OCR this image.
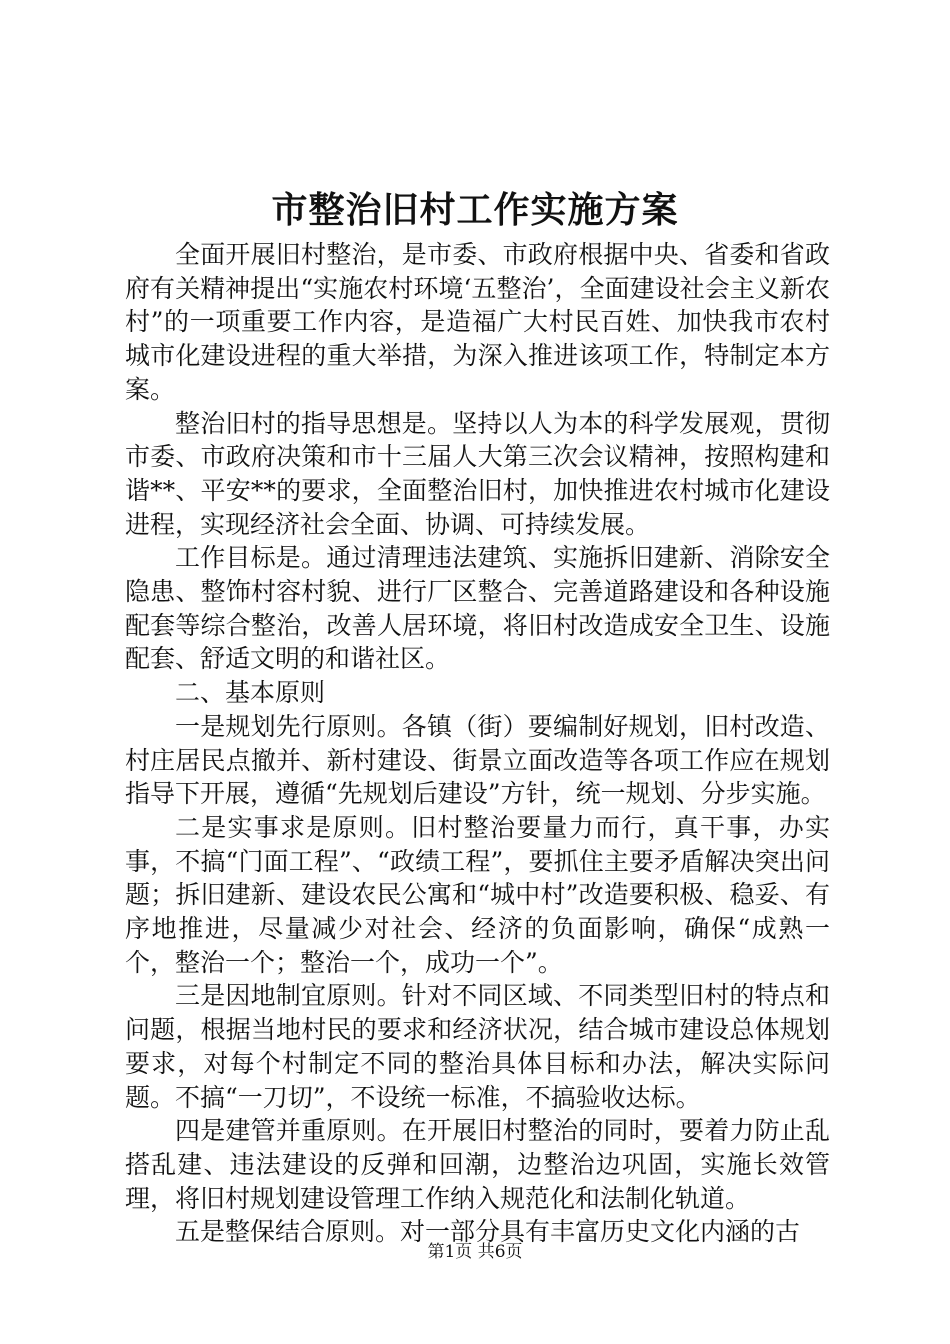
市整治旧村工作实施方案

全面开展旧村整治，是市委、市政府根据中央、省委和省政府有关精神提出“实施农村环境‘五整治’，全面建设社会主义新农村”的一项重要工作内容，是造福广大村民百姓、加快我市农村城市化建设进程的重大举措，为深入推进该项工作，特制定本方案。

整治旧村的指导思想是。坚持以人为本的科学发展观，贯彻市委、市政府决策和市十三届人大第三次会议精神，按照构建和谐**、平安**的要求，全面整治旧村，加快推进农村城市化建设进程，实现经济社会全面、协调、可持续发展。

工作目标是。通过清理违法建筑、实施拆旧建新、消除安全隐患、整饰村容村貌、进行厂区整合、完善道路建设和各种设施配套等综合整治，改善人居环境，将旧村改造成安全卫生、设施配套、舒适文明的和谐社区。

二、基本原则

一是规划先行原则。各镇（街）要编制好规划，旧村改造、村庄居民点撤并、新村建设、街景立面改造等各项工作应在规划指导下开展，遵循“先规划后建设”方针，统一规划、分步实施。

二是实事求是原则。旧村整治要量力而行，真干事，办实事，不搞“门面工程”、“政绩工程”，要抓住主要矛盾解决突出问题；拆旧建新、建设农民公寓和“城中村”改造要积极、稳妥、有序地推进，尽量减少对社会、经济的负面影响，确保“成熟一个，整治一个；整治一个，成功一个”。

三是因地制宜原则。针对不同区域、不同类型旧村的特点和问题，根据当地村民的要求和经济状况，结合城市建设总体规划要求，对每个村制定不同的整治具体目标和办法，解决实际问题。不搞“一刀切”，不设统一标准，不搞验收达标。

四是建管并重原则。在开展旧村整治的同时，要着力防止乱搭乱建、违法建设的反弹和回潮，边整治边巩固，实施长效管理，将旧村规划建设管理工作纳入规范化和法制化轨道。

五是整保结合原则。对一部分具有丰富历史文化内涵的古

第1页 共6页
